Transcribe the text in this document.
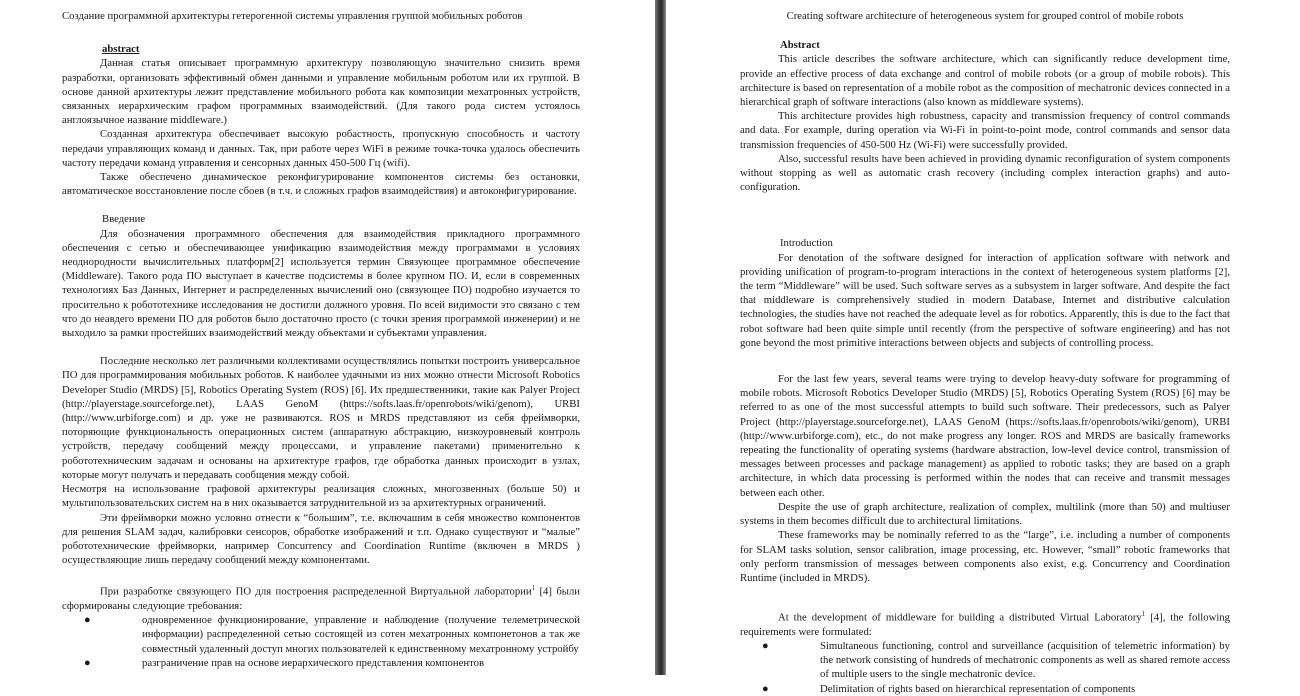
Создание программной архитектуры гетерогенной системы управления группой мобильных роботов

abstract

Данная статья описывает программную архитектуру позволяющую значительно снизить время разработки, организовать эффективный обмен данными и управление мобильным роботом или их группой. В основе данной архитектуры лежит представление мобильного робота как композиции мехатронных устройств, связанных иерархическим графом программных взаимодействий. (Для такого рода систем устоялось англоязычное название middleware.)

Созданная архитектура обеспечивает высокую робастность, пропускную способность и частоту передачи управляющих команд и данных. Так, при работе через WiFi в режиме точка-точка удалось обеспечить частоту передачи команд управления и сенсорных данных 450-500 Гц (wifi).

Также обеспечено динамическое реконфигурирование компонентов системы без остановки, автоматическое восстановление после сбоев (в т.ч. и сложных графов взаимодействия) и автоконфигурирование.

Введение

Для обозначения программного обеспечения для взаимодействия прикладного программного обеспечения с сетью и обеспечивающее унификацию взаимодействия между программами в условиях неоднородности вычислительных платформ[2] используется термин Связующее программное обеспечение (Middleware). Такого рода ПО выступает в качестве подсистемы в более крупном ПО. И, если в современных технологиях Баз Данных, Интернет и распределенных вычислений оно (связующее ПО) подробно изучается то просительно к робототехнике исследования не достигли должного уровня. По всей видимости это связано с тем что до неавдего времени ПО для роботов было достаточно просто (с точки зрения программой инженерии) и не выходило за рамки простейших взаимодействий между объектами и субъектами управления.

Последние несколько лет различными коллективами осуществлялись попытки построить универсальное ПО для программирования мобильных роботов. К наиболее удачными из них можно отнести Microsoft Robotics Developer Studio (MRDS) [5], Robotics Operating System (ROS) [6]. Их предшественники, такие как Palyer Project (http://playerstage.sourceforge.net), LAAS GenoM (https://softs.laas.fr/openrobots/wiki/genom), URBI (http://www.urbiforge.com) и др. уже не развиваются. ROS и MRDS представляют из себя фреймворки, поторяющие функциональность операционных систем (аппаратную абстракцию, низкоуровневый контроль устройств, передачу сообщений между процессами, и управление пакетами) применительно к робототехническим задачам и основаны на архитектуре графов, где обработка данных происходит в узлах, которые могут получать и передавать сообщения между собой.

Несмотря на использование графовой архитектуры реализация сложных, многозвенных (больше 50) и мультипользовательских систем на в них оказывается затруднительной из за архитектурных ограничений.

Эти фреймворки можно условно отнести к “большим”, т.е. включашим в себя множество компонентов для решения SLAM задач, калибровки сенсоров, обработке изображений и т.п. Однако существуют и “малые” робототехнические фреймворки, напримеp Concurrency and Coordination Runtime (включен в MRDS ) осуществляющие лишь передачу сообщений между компонентами.

При разработке связующего ПО для построения распределенной Виртуальной лаборатории$^1$ [4] были сформированы следующие требования:

●	одновременное функционирование, управление и наблюдение (получение телеметрической информации) распределенной сетью состоящей из сотен мехатронных компонетонов а так же совместный удаленный доступ многих пользователей к единственному мехатронному устройбу
●	разграничение прав на основе иерархического представления компонентов

Creating software architecture of heterogeneous system for grouped control of mobile robots

Abstract

This article describes the software architecture, which can significantly reduce development time, provide an effective process of data exchange and control of mobile robots (or a group of mobile robots). This architecture is based on representation of a mobile robot as the composition of mechatronic devices connected in a hierarchical graph of software interactions (also known as middleware systems).

This architecture provides high robustness, capacity and transmission frequency of control commands and data. For example, during operation via Wi-Fi in point-to-point mode, control commands and sensor data transmission frequencies of 450-500 Hz (Wi-Fi) were successfully provided.

Also, successful results have been achieved in providing dynamic reconfiguration of system components without stopping as well as automatic crash recovery (including complex interaction graphs) and auto-configuration.

Introduction

For denotation of the software designed for interaction of application software with network and providing unification of program-to-program interactions in the context of heterogeneous system platforms [2], the term “Middleware” will be used. Such software serves as a subsystem in larger software. And despite the fact that middleware is comprehensively studied in modern Database, Internet and distributive calculation technologies, the studies have not reached the adequate level as for robotics. Apparently, this is due to the fact that robot software had been quite simple until recently (from the perspective of software engineering) and has not gone beyond the most primitive interactions between objects and subjects of controlling process.

For the last few years, several teams were trying to develop heavy-duty software for programming of mobile robots. Microsoft Robotics Developer Studio (MRDS) [5], Robotics Operating System (ROS) [6] may be referred to as one of the most successful attempts to build such software. Their predecessors, such as Palyer Project (http://playerstage.sourceforge.net), LAAS GenoM (https://softs.laas.fr/openrobots/wiki/genom), URBI (http://www.urbiforge.com), etc., do not make progress any longer. ROS and MRDS are basically frameworks repeating the functionality of operating systems (hardware abstraction, low-level device control, transmission of messages between processes and package management) as applied to robotic tasks; they are based on a graph architecture, in which data processing is performed within the nodes that can receive and transmit messages between each other.

Despite the use of graph architecture, realization of complex, multilink (more than 50) and multiuser systems in them becomes difficult due to architectural limitations.

These frameworks may be nominally referred to as the “large”, i.e. including a number of components for SLAM tasks solution, sensor calibration, image processing, etc. However, “small” robotic frameworks that only perform transmission of messages between components also exist, e.g. Concurrency and Coordination Runtime (included in MRDS).

At the development of middleware for building a distributed Virtual Laboratory$^1$ [4], the following requirements were formulated:

●	Simultaneous functioning, control and surveillance (acquisition of telemetric information) by the network consisting of hundreds of mechatronic components as well as shared remote access of multiple users to the single mechatronic device.
●	Delimitation of rights based on hierarchical representation of components
